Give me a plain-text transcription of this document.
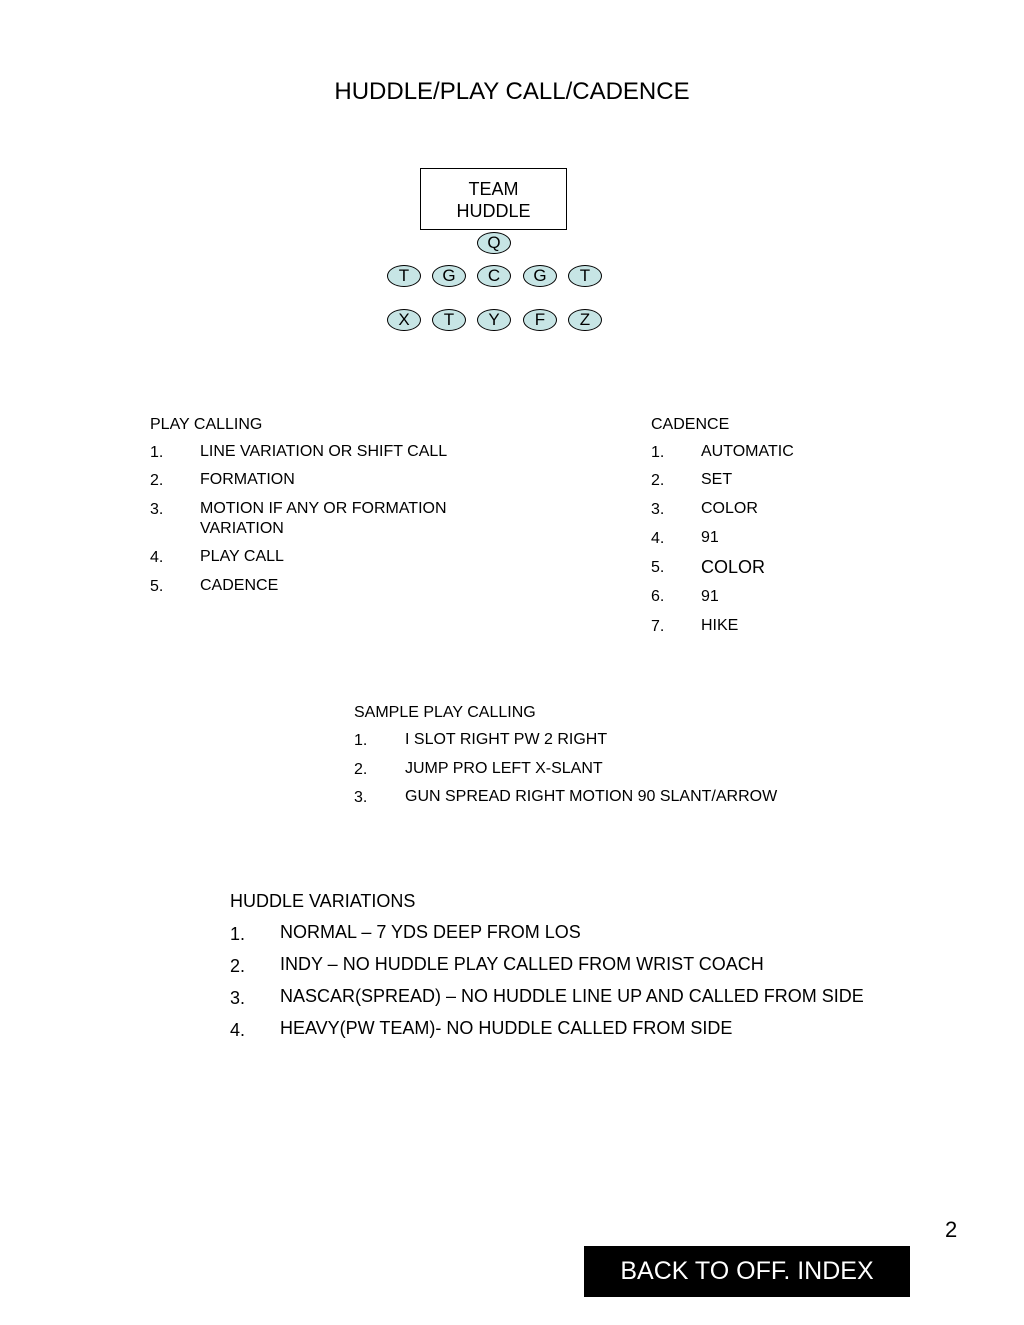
HUDDLE/PLAY CALL/CADENCE
TEAM
HUDDLE
Q
T	G	C	G	T
X	T	Y	F	Z
PLAY CALLING
1. LINE VARIATION OR SHIFT CALL
2. FORMATION
3. MOTION IF ANY OR FORMATION
VARIATION
4. PLAY CALL
5. CADENCE
CADENCE
1. AUTOMATIC
2. SET
3. COLOR
4. 91
5. COLOR
6. 91
7. HIKE
SAMPLE PLAY CALLING
1. I SLOT RIGHT PW 2 RIGHT
2. JUMP PRO LEFT X-SLANT
3. GUN SPREAD RIGHT MOTION 90 SLANT/ARROW
HUDDLE VARIATIONS
1. NORMAL – 7 YDS DEEP FROM LOS
2. INDY – NO HUDDLE PLAY CALLED FROM WRIST COACH
3. NASCAR(SPREAD) – NO HUDDLE LINE UP AND CALLED FROM SIDE
4. HEAVY(PW TEAM)- NO HUDDLE CALLED FROM SIDE
2
BACK TO OFF. INDEX
